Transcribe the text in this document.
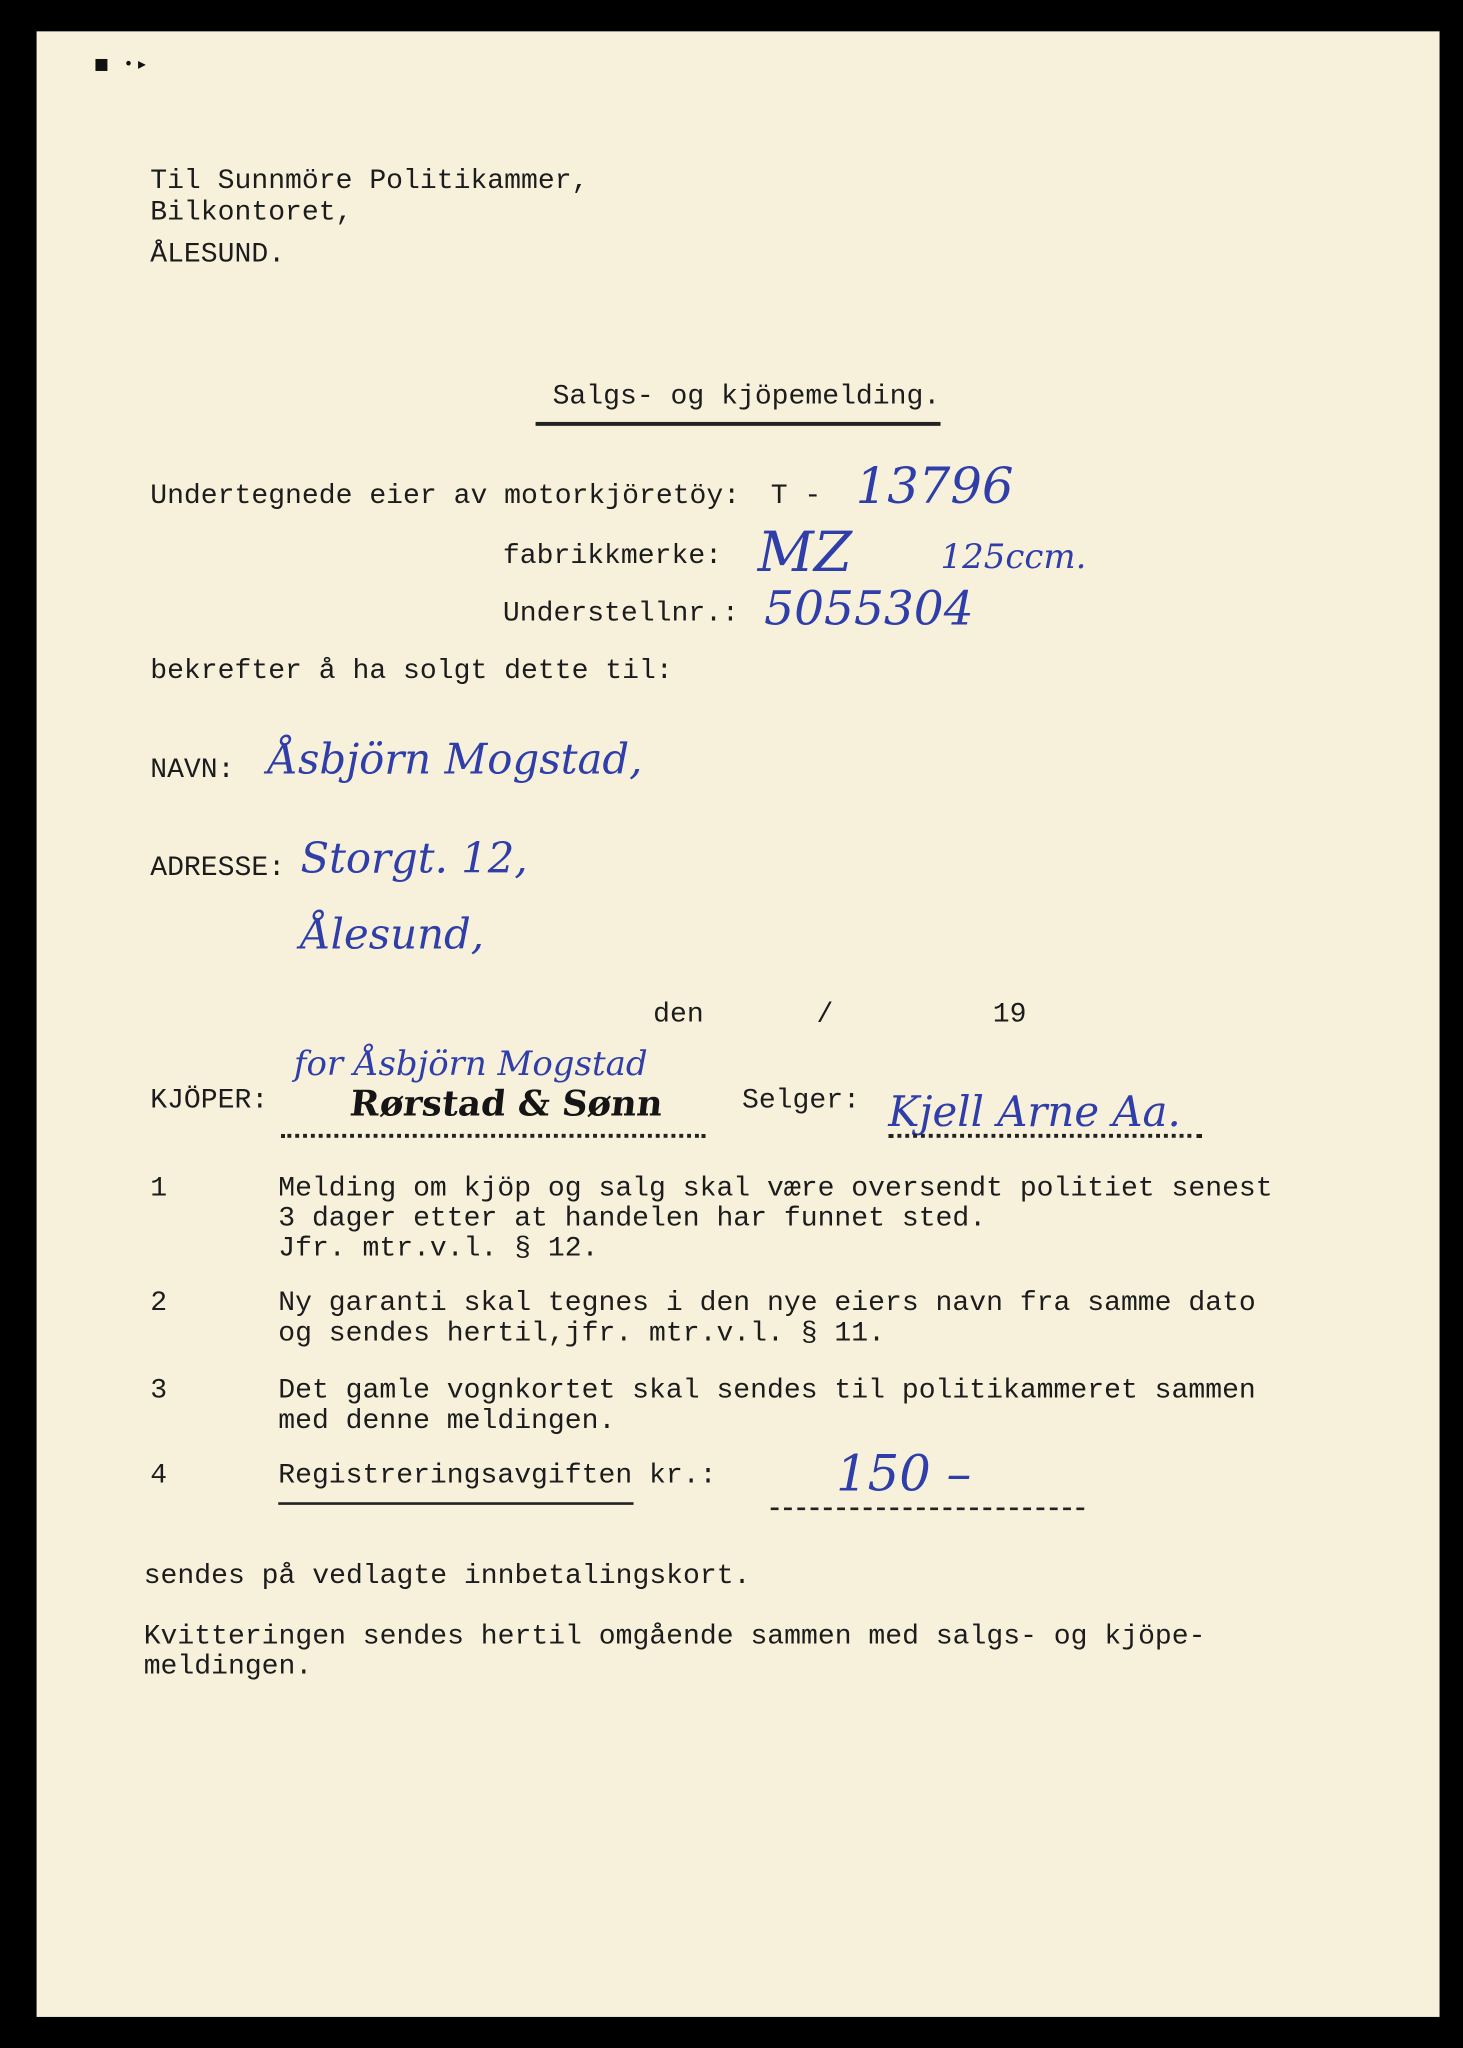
■   • ▸
Til Sunnmöre Politikammer,
Bilkontoret,
ÅLESUND.
Salgs- og kjöpemelding.
Undertegnede eier av motorkjöretöy: T - 13796
fabrikkmerke: MZ	125ccm.
Understellnr.: 5055304
bekrefter å ha solgt dette til:
NAVN: Åsbjörn Mogstad,
ADRESSE: Storgt. 12,
Ålesund,
den	/	19
for Åsbjörn Mogstad
KJÖPER:	Rørstad & Sønn	Selger: Kjell Arne Aa.
1	Melding om kjöp og salg skal være oversendt politiet senest
3 dager etter at handelen har funnet sted.
Jfr. mtr.v.l. § 12.
2	Ny garanti skal tegnes i den nye eiers navn fra samme dato
og sendes hertil,jfr. mtr.v.l. § 11.
3	Det gamle vognkortet skal sendes til politikammeret sammen
med denne meldingen.
4	Registreringsavgiften kr.:	150 –
sendes på vedlagte innbetalingskort.
Kvitteringen sendes hertil omgående sammen med salgs- og kjöpe-
meldingen.
